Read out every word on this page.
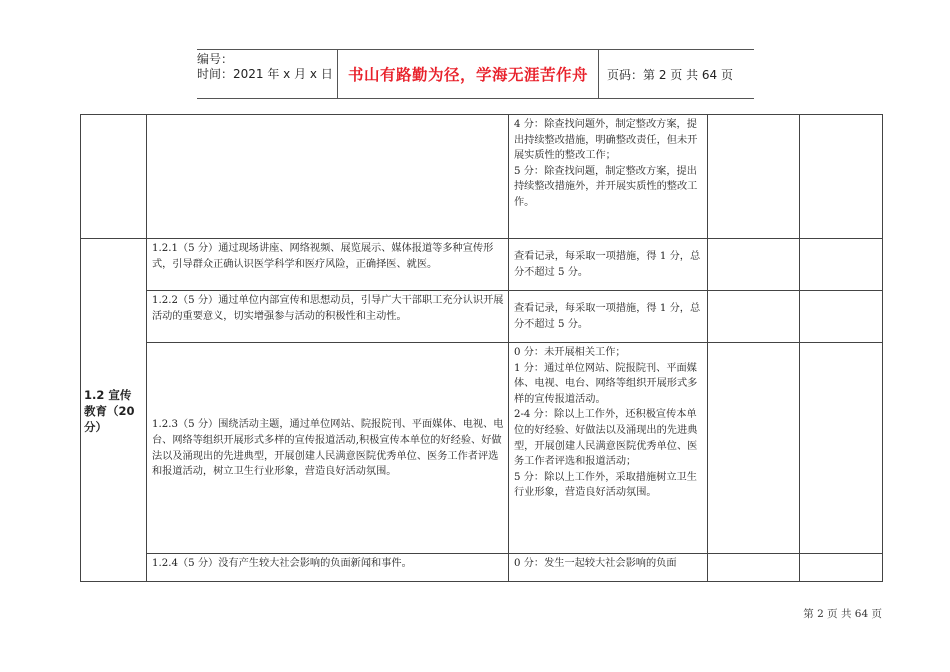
编号：
时间：2021 年 x 月 x 日 书山有路勤为径，学海无涯苦作舟	页码：第 2 页 共 64 页

		4 分：除查找问题外，制定整改方案，提出持续整改措施，明确整改责任，但未开展实质性的整改工作；
5 分：除查找问题，制定整改方案，提出持续整改措施外，并开展实质性的整改工作。		

1.2 宣传教育（20 分）	1.2.1（5 分）通过现场讲座、网络视频、展览展示、媒体报道等多种宣传形式，引导群众正确认识医学科学和医疗风险，正确择医、就医。	查看记录，每采取一项措施，得 1 分，总分不超过 5 分。		

	1.2.2（5 分）通过单位内部宣传和思想动员，引导广大干部职工充分认识开展活动的重要意义，切实增强参与活动的积极性和主动性。	查看记录，每采取一项措施，得 1 分，总分不超过 5 分。		

	1.2.3（5 分）围绕活动主题，通过单位网站、院报院刊、平面媒体、电视、电台、网络等组织开展形式多样的宣传报道活动,积极宣传本单位的好经验、好做法以及涌现出的先进典型，开展创建人民满意医院优秀单位、医务工作者评选和报道活动，树立卫生行业形象，营造良好活动氛围。	0 分：未开展相关工作；
1 分：通过单位网站、院报院刊、平面媒体、电视、电台、网络等组织开展形式多样的宣传报道活动。
2-4 分：除以上工作外，还积极宣传本单位的好经验、好做法以及涌现出的先进典型，开展创建人民满意医院优秀单位、医务工作者评选和报道活动；
5 分：除以上工作外，采取措施树立卫生行业形象，营造良好活动氛围。		

	1.2.4（5 分）没有产生较大社会影响的负面新闻和事件。	0 分：发生一起较大社会影响的负面		

第 2 页 共 64 页
